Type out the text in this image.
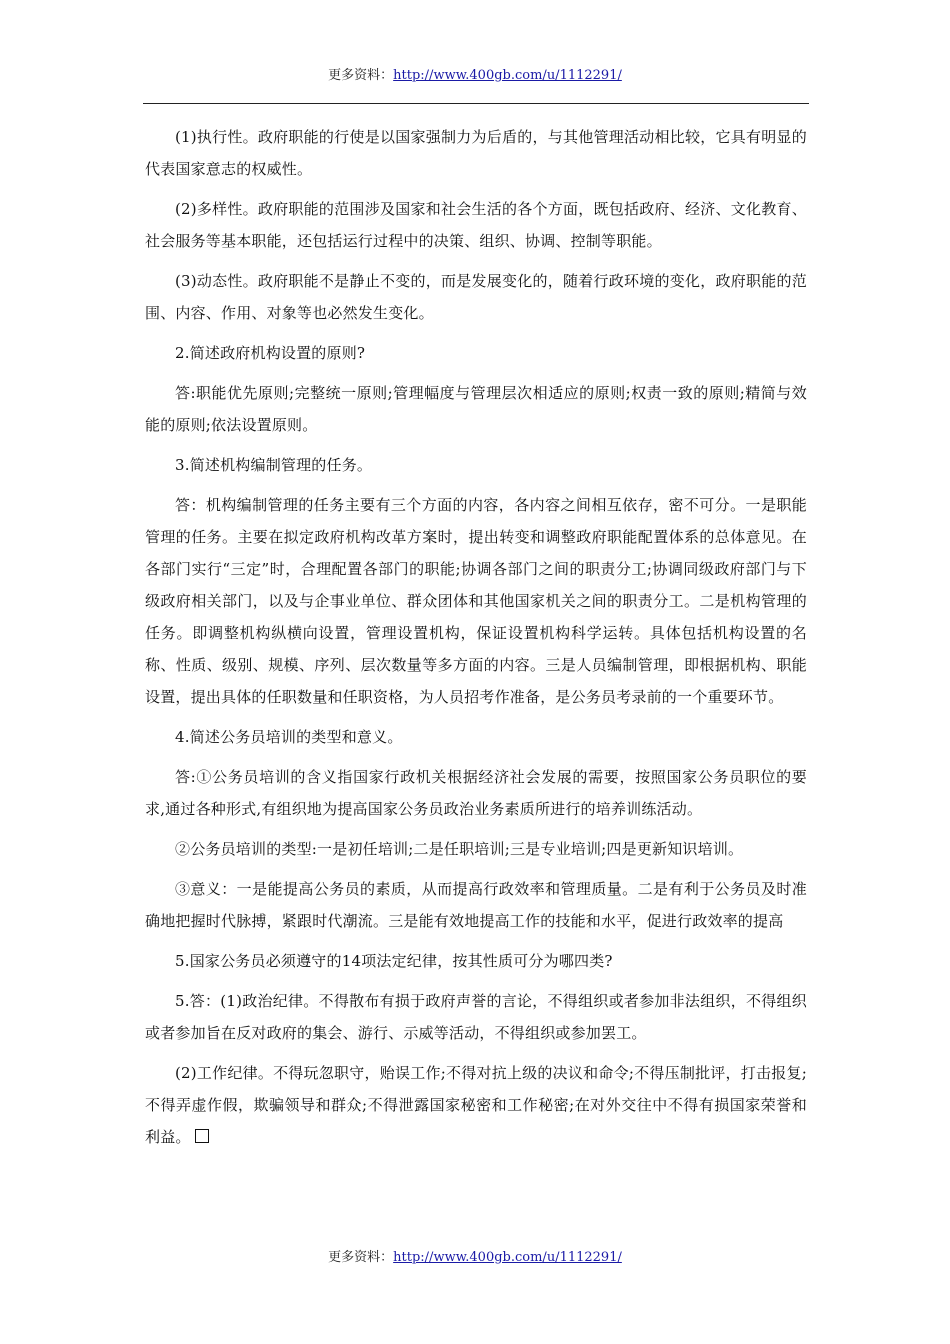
更多资料：http://www.400gb.com/u/1112291/

(1)执行性。政府职能的行使是以国家强制力为后盾的，与其他管理活动相比较，它具有明显的代表国家意志的权威性。

(2)多样性。政府职能的范围涉及国家和社会生活的各个方面，既包括政府、经济、文化教育、社会服务等基本职能，还包括运行过程中的决策、组织、协调、控制等职能。

(3)动态性。政府职能不是静止不变的，而是发展变化的，随着行政环境的变化，政府职能的范围、内容、作用、对象等也必然发生变化。

2.简述政府机构设置的原则?

答:职能优先原则;完整统一原则;管理幅度与管理层次相适应的原则;权责一致的原则;精简与效能的原则;依法设置原则。

3.简述机构编制管理的任务。

答：机构编制管理的任务主要有三个方面的内容，各内容之间相互依存，密不可分。一是职能管理的任务。主要在拟定政府机构改革方案时，提出转变和调整政府职能配置体系的总体意见。在各部门实行“三定”时，合理配置各部门的职能;协调各部门之间的职责分工;协调同级政府部门与下级政府相关部门，以及与企事业单位、群众团体和其他国家机关之间的职责分工。二是机构管理的任务。即调整机构纵横向设置，管理设置机构，保证设置机构科学运转。具体包括机构设置的名称、性质、级别、规模、序列、层次数量等多方面的内容。三是人员编制管理，即根据机构、职能设置，提出具体的任职数量和任职资格，为人员招考作准备，是公务员考录前的一个重要环节。

4.简述公务员培训的类型和意义。

答:①公务员培训的含义指国家行政机关根据经济社会发展的需要，按照国家公务员职位的要求,通过各种形式,有组织地为提高国家公务员政治业务素质所进行的培养训练活动。

②公务员培训的类型:一是初任培训;二是任职培训;三是专业培训;四是更新知识培训。

③意义：一是能提高公务员的素质，从而提高行政效率和管理质量。二是有利于公务员及时准确地把握时代脉搏，紧跟时代潮流。三是能有效地提高工作的技能和水平，促进行政效率的提高

5.国家公务员必须遵守的14项法定纪律，按其性质可分为哪四类?

5.答：(1)政治纪律。不得散布有损于政府声誉的言论，不得组织或者参加非法组织，不得组织或者参加旨在反对政府的集会、游行、示威等活动，不得组织或参加罢工。

(2)工作纪律。不得玩忽职守，贻误工作;不得对抗上级的决议和命令;不得压制批评，打击报复;不得弄虚作假，欺骗领导和群众;不得泄露国家秘密和工作秘密;在对外交往中不得有损国家荣誉和利益。

更多资料：http://www.400gb.com/u/1112291/
